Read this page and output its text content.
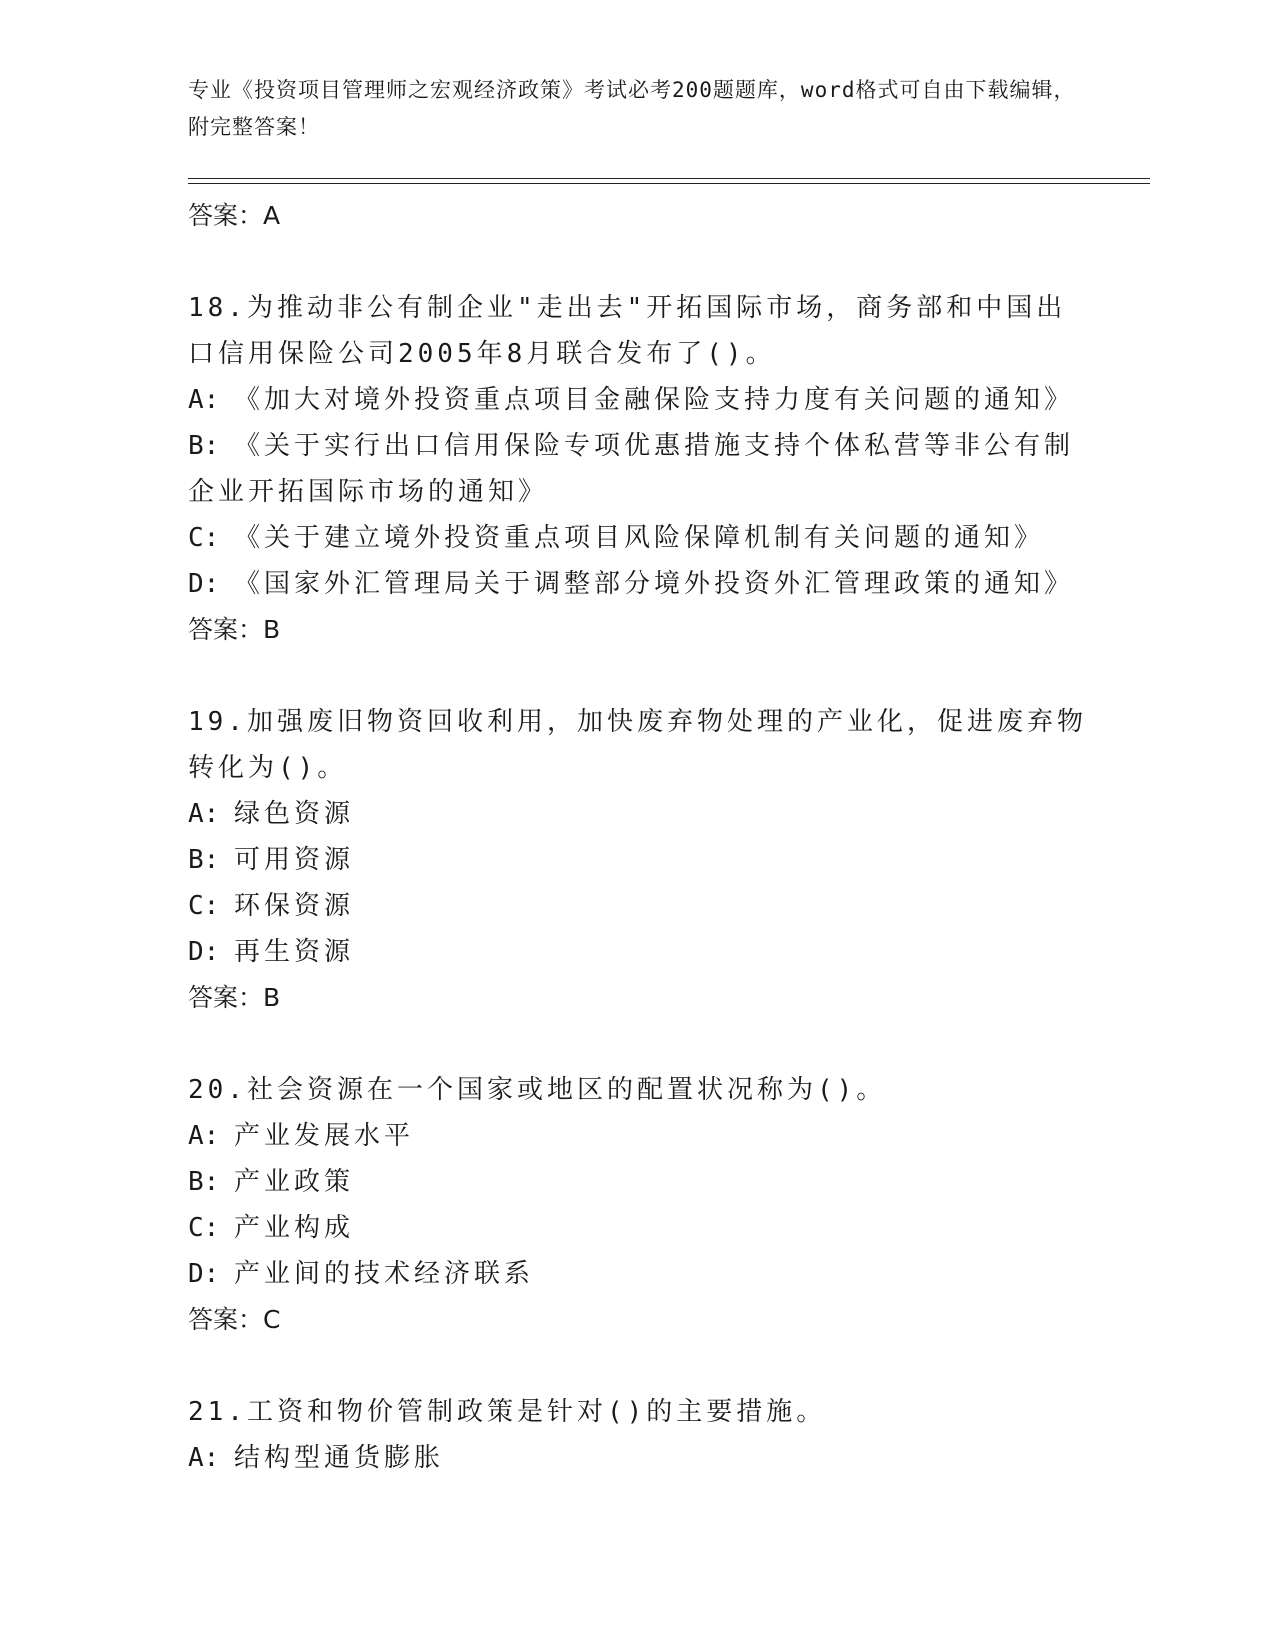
专业《投资项目管理师之宏观经济政策》考试必考200题题库，word格式可自由下载编辑，附完整答案！
答案：A
18.为推动非公有制企业"走出去"开拓国际市场，商务部和中国出口信用保险公司2005年8月联合发布了()。
A: 《加大对境外投资重点项目金融保险支持力度有关问题的通知》
B: 《关于实行出口信用保险专项优惠措施支持个体私营等非公有制企业开拓国际市场的通知》
C: 《关于建立境外投资重点项目风险保障机制有关问题的通知》
D: 《国家外汇管理局关于调整部分境外投资外汇管理政策的通知》
答案：B
19.加强废旧物资回收利用，加快废弃物处理的产业化，促进废弃物转化为()。
A: 绿色资源
B: 可用资源
C: 环保资源
D: 再生资源
答案：B
20.社会资源在一个国家或地区的配置状况称为()。
A: 产业发展水平
B: 产业政策
C: 产业构成
D: 产业间的技术经济联系
答案：C
21.工资和物价管制政策是针对()的主要措施。
A: 结构型通货膨胀
